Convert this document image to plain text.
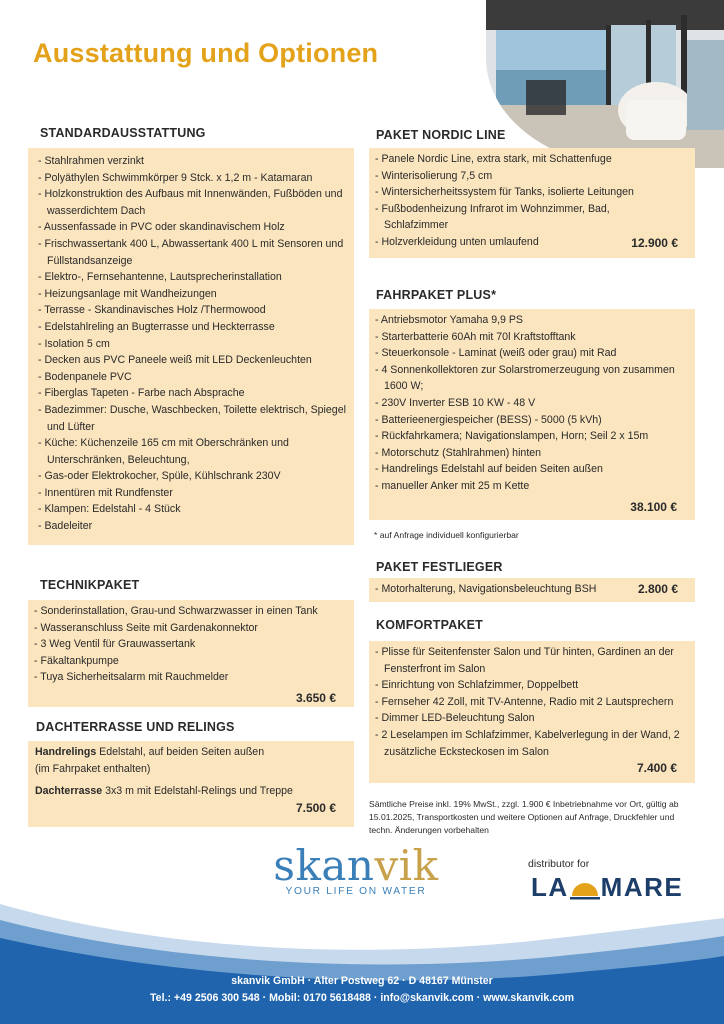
Ausstattung und Optionen
STANDARDAUSSTATTUNG
- Stahlrahmen verzinkt
- Polyäthylen Schwimmkörper 9 Stck. x 1,2 m - Katamaran
- Holzkonstruktion des Aufbaus mit Innenwänden, Fußböden und wasserdichtem Dach
- Aussenfassade in PVC oder skandinavischem Holz
- Frischwassertank 400 L, Abwassertank 400 L mit Sensoren und Füllstandsanzeige
- Elektro-, Fernsehantenne, Lautsprecherinstallation
- Heizungsanlage mit Wandheizungen
- Terrasse - Skandinavisches Holz /Thermowood
- Edelstahlreling an Bugterrasse und Heckterrasse
- Isolation 5 cm
- Decken aus PVC Paneele weiß mit LED Deckenleuchten
- Bodenpanele PVC
- Fiberglas Tapeten - Farbe nach Absprache
- Badezimmer: Dusche, Waschbecken, Toilette elektrisch, Spiegel und Lüfter
- Küche: Küchenzeile 165 cm mit Oberschränken und Unterschränken, Beleuchtung,
- Gas-oder Elektrokocher, Spüle, Kühlschrank 230V
- Innentüren mit Rundfenster
- Klampen: Edelstahl - 4 Stück
- Badeleiter
TECHNIKPAKET
- Sonderinstallation, Grau-und Schwarzwasser in einen Tank
- Wasseranschluss Seite mit Gardenakonnektor
- 3 Weg Ventil für Grauwassertank
- Fäkaltankpumpe
- Tuya Sicherheitsalarm mit Rauchmelder
3.650 €
DACHTERRASSE UND RELINGS
Handrelings Edelstahl, auf beiden Seiten außen
(im Fahrpaket enthalten)
Dachterrasse 3x3 m mit Edelstahl-Relings und Treppe
7.500 €
PAKET NORDIC LINE
- Panele Nordic Line, extra stark, mit Schattenfuge
- Winterisolierung 7,5 cm
- Wintersicherheitssystem für Tanks, isolierte Leitungen
- Fußbodenheizung Infrarot im Wohnzimmer, Bad, Schlafzimmer
- Holzverkleidung unten umlaufend	12.900 €
FAHRPAKET PLUS*
- Antriebsmotor Yamaha 9,9 PS
- Starterbatterie 60Ah mit 70l Kraftstofftank
- Steuerkonsole - Laminat (weiß oder grau) mit Rad
- 4 Sonnenkollektoren zur Solarstromerzeugung von zusammen 1600 W;
- 230V Inverter ESB 10 KW - 48 V
- Batterieenergiespeicher (BESS) - 5000 (5 kVh)
- Rückfahrkamera; Navigationslampen, Horn; Seil 2 x 15m
- Motorschutz (Stahlrahmen) hinten
- Handrelings Edelstahl auf beiden Seiten außen
- manueller Anker mit 25 m Kette
38.100 €
* auf Anfrage individuell konfigurierbar
PAKET FESTLIEGER
- Motorhalterung, Navigationsbeleuchtung BSH	2.800 €
KOMFORTPAKET
- Plisse für Seitenfenster Salon und Tür hinten, Gardinen an der Fensterfront im Salon
- Einrichtung von Schlafzimmer, Doppelbett
- Fernseher 42 Zoll, mit TV-Antenne, Radio mit 2 Lautsprechern
- Dimmer LED-Beleuchtung Salon
- 2 Leselampen im Schlafzimmer, Kabelverlegung in der Wand, 2 zusätzliche Ecksteckosen im Salon
7.400 €
Sämtliche Preise inkl. 19% MwSt., zzgl. 1.900 € Inbetriebnahme vor Ort, gültig ab 15.01.2025, Transportkosten und weitere Optionen auf Anfrage, Druckfehler und techn. Änderungen vorbehalten
skanvik
YOUR LIFE ON WATER
distributor for
LA MARE
skanvik GmbH · Alter Postweg 62 · D 48167 Münster
Tel.: +49 2506 300 548 · Mobil: 0170 5618488 · info@skanvik.com · www.skanvik.com
